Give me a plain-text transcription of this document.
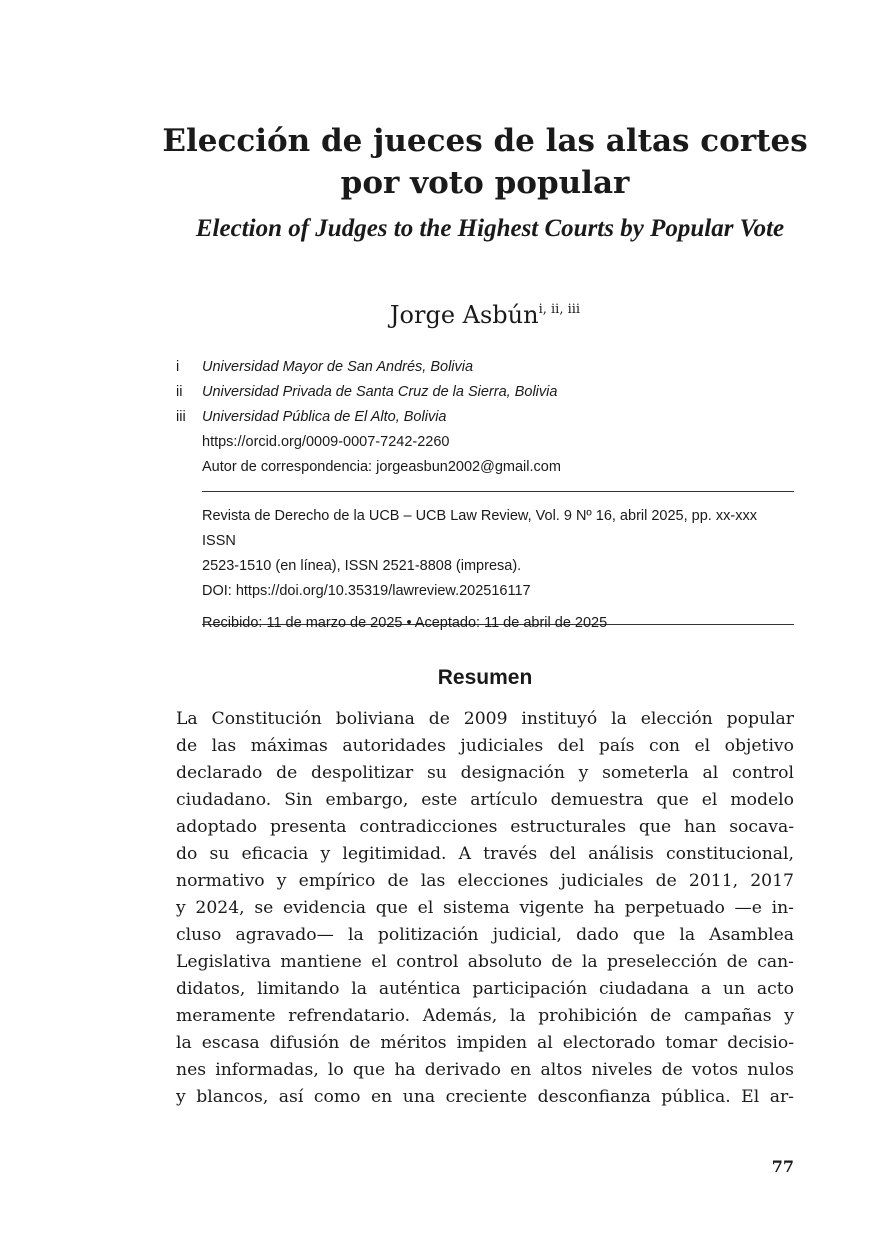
Elección de jueces de las altas cortes
por voto popular
Election of Judges to the Highest Courts by Popular Vote
Jorge Asbún$^{i, ii, iii}$
i	Universidad Mayor de San Andrés, Bolivia
ii	Universidad Privada de Santa Cruz de la Sierra, Bolivia
iii	Universidad Pública de El Alto, Bolivia
https://orcid.org/0009-0007-7242-2260
Autor de correspondencia: jorgeasbun2002@gmail.com
Revista de Derecho de la UCB – UCB Law Review, Vol. 9 Nº 16, abril 2025, pp. xx-xxx ISSN
2523-1510 (en línea), ISSN 2521-8808 (impresa).
DOI: https://doi.org/10.35319/lawreview.202516117
Recibido: 11 de marzo de 2025 • Aceptado: 11 de abril de 2025
Resumen
La Constitución boliviana de 2009 instituyó la elección popular
de las máximas autoridades judiciales del país con el objetivo
declarado de despolitizar su designación y someterla al control
ciudadano. Sin embargo, este artículo demuestra que el modelo
adoptado presenta contradicciones estructurales que han socava-
do su eficacia y legitimidad. A través del análisis constitucional,
normativo y empírico de las elecciones judiciales de 2011, 2017
y 2024, se evidencia que el sistema vigente ha perpetuado —e in-
cluso agravado— la politización judicial, dado que la Asamblea
Legislativa mantiene el control absoluto de la preselección de can-
didatos, limitando la auténtica participación ciudadana a un acto
meramente refrendatario. Además, la prohibición de campañas y
la escasa difusión de méritos impiden al electorado tomar decisio-
nes informadas, lo que ha derivado en altos niveles de votos nulos
y blancos, así como en una creciente desconfianza pública. El ar-
77
